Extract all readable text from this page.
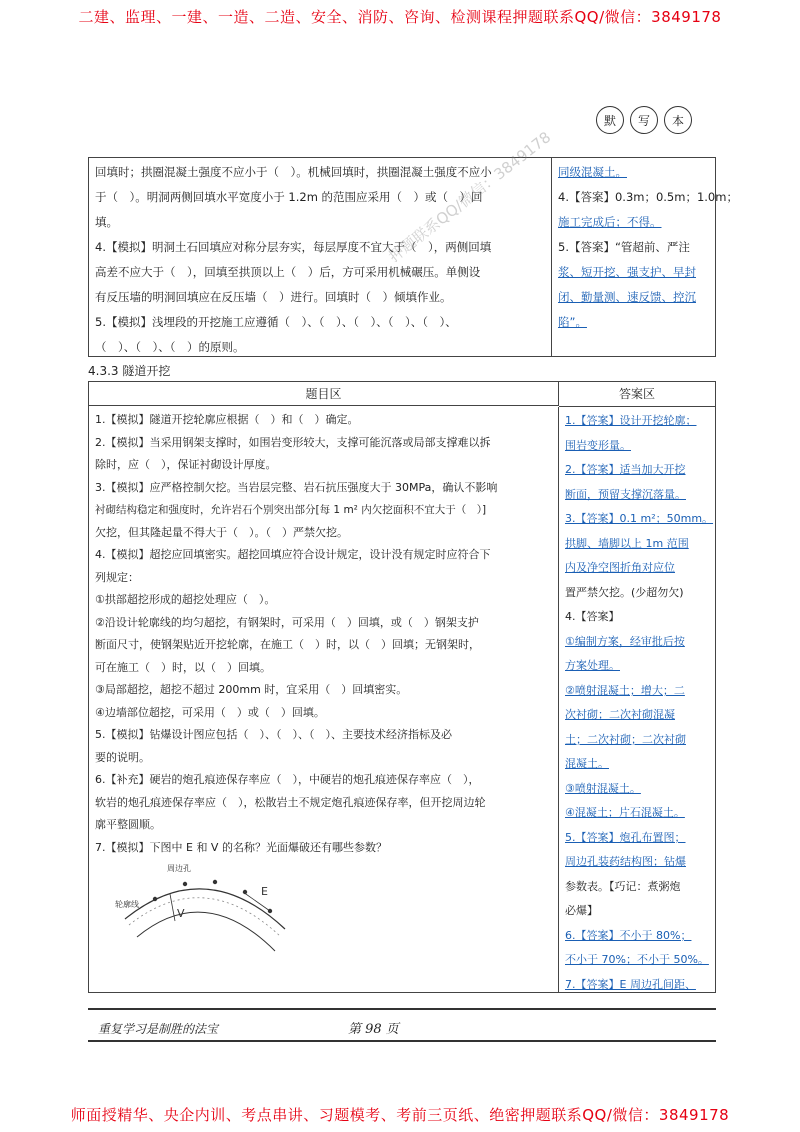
二建、监理、一建、一造、二造、安全、消防、咨询、检测课程押题联系QQ/微信：3849178
默	写	本
回填时；拱圈混凝土强度不应小于（　）。机械回填时，拱圈混凝土强度不应小
于（　）。明洞两侧回填水平宽度小于 1.2m 的范围应采用（　）或（　）回
填。
4.【模拟】明洞土石回填应对称分层夯实，每层厚度不宜大于（　），两侧回填
高差不应大于（　），回填至拱顶以上（　）后，方可采用机械碾压。单侧设
有反压墙的明洞回填应在反压墙（　）进行。回填时（　）倾填作业。
5.【模拟】浅埋段的开挖施工应遵循（　）、（　）、（　）、（　）、（　）、
（　）、（　）、（　）的原则。
同级混凝土。
4.【答案】0.3m；0.5m；1.0m；
施工完成后；不得。
5.【答案】“管超前、严注
浆、短开挖、强支护、早封
闭、勤量测、速反馈、控沉
陷”。
4.3.3 隧道开挖
题目区	答案区
1.【模拟】隧道开挖轮廓应根据（　）和（　）确定。
2.【模拟】当采用钢架支撑时，如围岩变形较大，支撑可能沉落或局部支撑难以拆
除时，应（　），保证衬砌设计厚度。
3.【模拟】应严格控制欠挖。当岩层完整、岩石抗压强度大于 30MPa，确认不影响
衬砌结构稳定和强度时，允许岩石个别突出部分[每 1 m² 内欠挖面积不宜大于（　）]
欠挖，但其隆起量不得大于（　）。（　）严禁欠挖。
4.【模拟】超挖应回填密实。超挖回填应符合设计规定，设计没有规定时应符合下
列规定：
①拱部超挖形成的超挖处理应（　）。
②沿设计轮廓线的均匀超挖，有钢架时，可采用（　）回填，或（　）钢架支护
断面尺寸，使钢架贴近开挖轮廓，在施工（　）时，以（　）回填；无钢架时，
可在施工（　）时，以（　）回填。
③局部超挖，超挖不超过 200mm 时，宜采用（　）回填密实。
④边墙部位超挖，可采用（　）或（　）回填。
5.【模拟】钻爆设计图应包括（　）、（　）、（　）、主要技术经济指标及必
要的说明。
6.【补充】硬岩的炮孔痕迹保存率应（　），中硬岩的炮孔痕迹保存率应（　），
软岩的炮孔痕迹保存率应（　），松散岩土不规定炮孔痕迹保存率，但开挖周边轮
廓平整圆顺。
7.【模拟】下图中 E 和 V 的名称？光面爆破还有哪些参数？
周边孔
轮廓线
E
V
1.【答案】设计开挖轮廓；
围岩变形量。
2.【答案】适当加大开挖
断面，预留支撑沉落量。
3.【答案】0.1 m²；50mm。
拱脚、墙脚以上 1m 范围
内及净空图折角对应位
置严禁欠挖。(少超勿欠)
4.【答案】
①编制方案，经审批后按
方案处理。
②喷射混凝土；增大；二
次衬砌；二次衬砌混凝
土；二次衬砌；二次衬砌
混凝土。
③喷射混凝土。
④混凝土；片石混凝土。
5.【答案】炮孔布置图；
周边孔装药结构图；钻爆
参数表。【巧记：煮粥炮
必爆】
6.【答案】不小于 80%；
不小于 70%；不小于 50%。
7.【答案】E 周边孔间距、
重复学习是制胜的法宝	第 98 页
押题联系QQ/微信：3849178
师面授精华、央企内训、考点串讲、习题模考、考前三页纸、绝密押题联系QQ/微信：3849178
